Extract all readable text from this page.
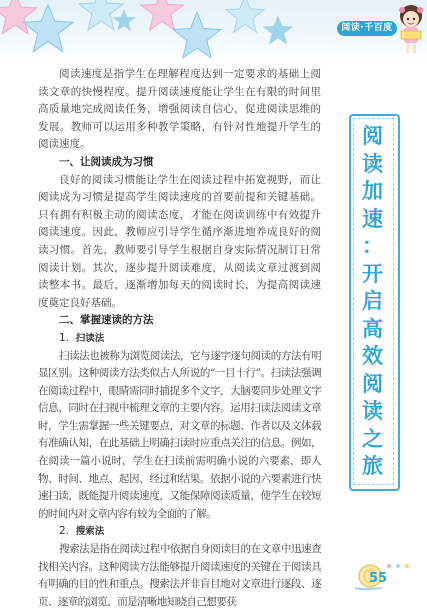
阅读·千百度

阅读速度是指学生在理解程度达到一定要求的基础上阅读文章的快慢程度。提升阅读速度能让学生在有限的时间里高质量地完成阅读任务，增强阅读自信心，促进阅读思维的发展。教师可以运用多种教学策略，有针对性地提升学生的阅读速度。

一、让阅读成为习惯

良好的阅读习惯能让学生在阅读过程中拓宽视野，而让阅读成为习惯是提高学生阅读速度的首要前提和关键基础。只有拥有积极主动的阅读态度，才能在阅读训练中有效提升阅读速度。因此，教师应引导学生循序渐进地养成良好的阅读习惯。首先，教师要引导学生根据自身实际情况制订日常阅读计划。其次，逐步提升阅读难度，从阅读文章过渡到阅读整本书。最后，逐渐增加每天的阅读时长，为提高阅读速度奠定良好基础。

二、掌握速读的方法

1. 扫读法

扫读法也被称为浏览阅读法，它与逐字逐句阅读的方法有明显区别。这种阅读方法类似古人所说的“一目十行”。扫读法强调在阅读过程中，眼睛需同时捕捉多个文字，大脑要同步处理文字信息，同时在扫视中梳理文章的主要内容。运用扫读法阅读文章时，学生需掌握一些关键要点，对文章的标题、作者以及文体载有准确认知，在此基础上明确扫读时应重点关注的信息。例如，在阅读一篇小说时，学生在扫读前需明确小说的六要素，即人物、时间、地点、起因、经过和结果。依据小说的六要素进行快速扫读，既能提升阅读速度，又能保障阅读质量，使学生在较短的时间内对文章内容有较为全面的了解。

2. 搜索法

搜索法是指在阅读过程中依据自身阅读目的在文章中迅速查找相关内容。这种阅读方法能够提升阅读速度的关键在于阅读具有明确的目的性和重点。搜索法并非盲目地对文章进行逐段、逐页、逐章的浏览，而是清晰地知晓自己想要获

阅
读
加
速
：
开
启
高
效
阅
读
之
旅
55
